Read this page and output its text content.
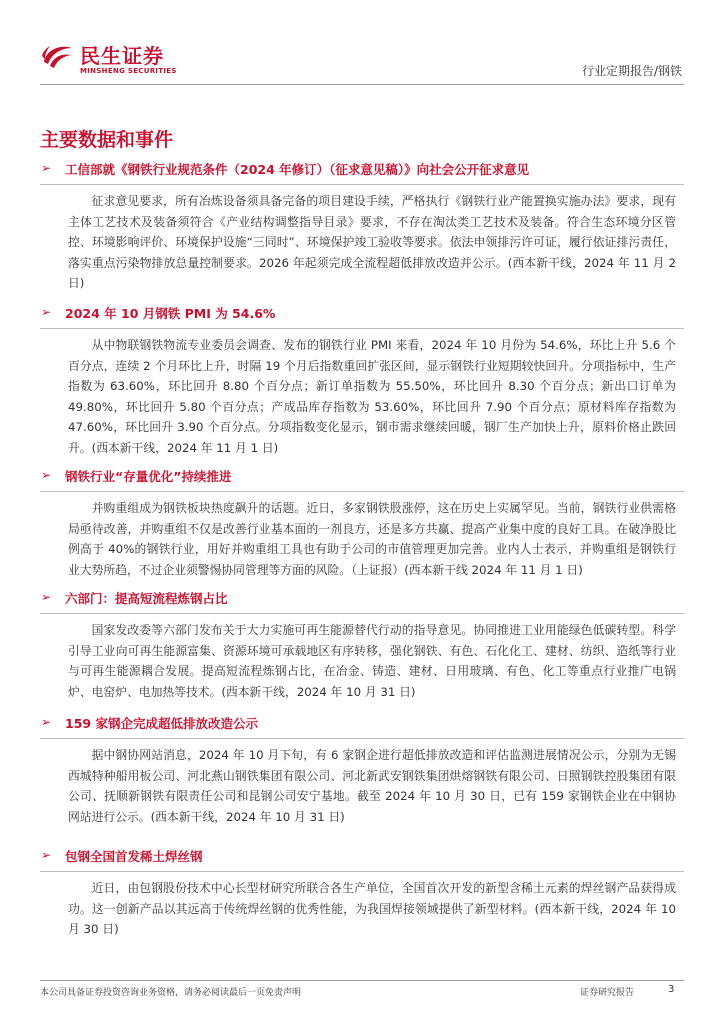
民生证券
MINSHENG SECURITIES	行业定期报告/钢铁
主要数据和事件
➢ 工信部就《钢铁行业规范条件（2024 年修订）（征求意见稿）》向社会公开征求意见

征求意见要求，所有冶炼设备须具备完备的项目建设手续，严格执行《钢铁行业产能置换实施办法》要求，现有主体工艺技术及装备须符合《产业结构调整指导目录》要求，不存在淘汰类工艺技术及装备。符合生态环境分区管控、环境影响评价、环境保护设施“三同时”、环境保护竣工验收等要求。依法申领排污许可证，履行依证排污责任，落实重点污染物排放总量控制要求。2026 年起须完成全流程超低排放改造并公示。(西本新干线，2024 年 11 月 2 日)

➢ 2024 年 10 月钢铁 PMI 为 54.6%

从中物联钢铁物流专业委员会调查、发布的钢铁行业 PMI 来看，2024 年 10 月份为 54.6%，环比上升 5.6 个百分点，连续 2 个月环比上升，时隔 19 个月后指数重回扩张区间，显示钢铁行业短期较快回升。分项指标中，生产指数为 63.60%，环比回升 8.80 个百分点；新订单指数为 55.50%，环比回升 8.30 个百分点；新出口订单为 49.80%，环比回升 5.80 个百分点；产成品库存指数为 53.60%，环比回升 7.90 个百分点；原材料库存指数为 47.60%，环比回升 3.90 个百分点。分项指数变化显示，钢市需求继续回暖，钢厂生产加快上升，原料价格止跌回升。(西本新干线，2024 年 11 月 1 日)

➢ 钢铁行业“存量优化”持续推进

并购重组成为钢铁板块热度飙升的话题。近日，多家钢铁股涨停，这在历史上实属罕见。当前，钢铁行业供需格局亟待改善，并购重组不仅是改善行业基本面的一剂良方，还是多方共赢、提高产业集中度的良好工具。在破净股比例高于 40%的钢铁行业，用好并购重组工具也有助于公司的市值管理更加完善。业内人士表示，并购重组是钢铁行业大势所趋，不过企业须警惕协同管理等方面的风险。（上证报）(西本新干线 2024 年 11 月 1 日)

➢ 六部门：提高短流程炼钢占比

国家发改委等六部门发布关于大力实施可再生能源替代行动的指导意见。协同推进工业用能绿色低碳转型。科学引导工业向可再生能源富集、资源环境可承载地区有序转移，强化钢铁、有色、石化化工、建材、纺织、造纸等行业与可再生能源耦合发展。提高短流程炼钢占比，在冶金、铸造、建材、日用玻璃、有色、化工等重点行业推广电锅炉、电窑炉、电加热等技术。(西本新干线，2024 年 10 月 31 日)

➢ 159 家钢企完成超低排放改造公示

据中钢协网站消息，2024 年 10 月下旬，有 6 家钢企进行超低排放改造和评估监测进展情况公示，分别为无锡西城特种船用板公司、河北燕山钢铁集团有限公司、河北新武安钢铁集团烘熔钢铁有限公司、日照钢铁控股集团有限公司、抚顺新钢铁有限责任公司和昆钢公司安宁基地。截至 2024 年 10 月 30 日，已有 159 家钢铁企业在中钢协网站进行公示。(西本新干线，2024 年 10 月 31 日)

➢ 包钢全国首发稀土焊丝钢

近日，由包钢股份技术中心长型材研究所联合各生产单位，全国首次开发的新型含稀土元素的焊丝钢产品获得成功。这一创新产品以其远高于传统焊丝钢的优秀性能，为我国焊接领域提供了新型材料。(西本新干线，2024 年 10 月 30 日)

本公司具备证券投资咨询业务资格，请务必阅读最后一页免责声明	证券研究报告	3
